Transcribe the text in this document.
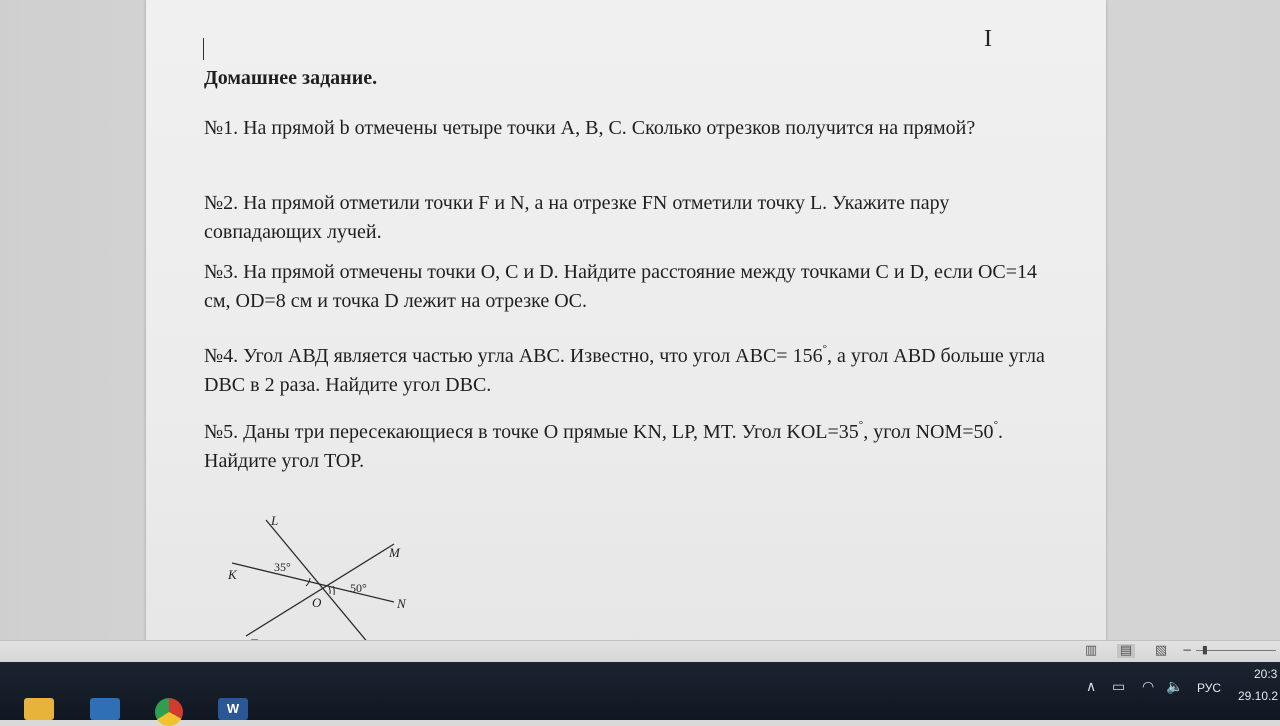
I
Домашнее задание.
№1. На прямой b отмечены четыре точки A, B, C. Сколько отрезков получится на прямой?
№2. На прямой отметили точки F и N, а на отрезке FN отметили точку L. Укажите пару совпадающих лучей.
№3. На прямой отмечены точки O, C и D. Найдите расстояние между точками C и D, если OC=14 см, OD=8 см и точка D лежит на отрезке OC.
№4. Угол АВД является частью угла ABC. Известно, что угол ABC= 156°, а угол ABD больше угла DBC в 2 раза. Найдите угол DBC.
№5. Даны три пересекающиеся в точке O прямые KN, LP, MT. Угол KOL=35°, угол NOM=50°. Найдите угол TOP.
L
M
K
N
O
35°
50°
▥ ▤ ▧ − ▮
W
∧ ▭ ◠ 🔈 РУС
20:3
29.10.2
